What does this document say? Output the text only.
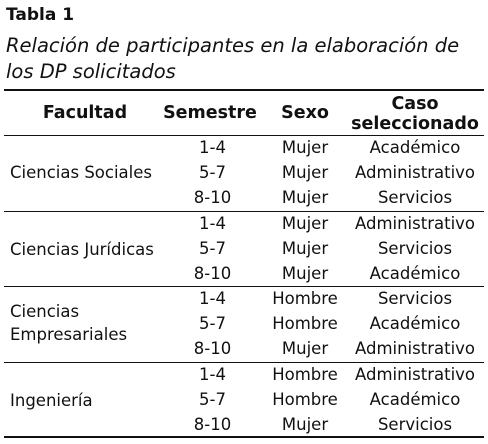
Tabla 1
Relación de participantes en la elaboración de los DP solicitados
Facultad	Semestre	Sexo	Caso
seleccionado
Ciencias Sociales
1-4	Mujer	Académico
5-7	Mujer	Administrativo
8-10	Mujer	Servicios
Ciencias Jurídicas
1-4	Mujer	Administrativo
5-7	Mujer	Servicios
8-10	Mujer	Académico
Ciencias
Empresariales
1-4	Hombre	Servicios
5-7	Hombre	Académico
8-10	Mujer	Administrativo
Ingeniería
1-4	Hombre	Administrativo
5-7	Hombre	Académico
8-10	Mujer	Servicios
